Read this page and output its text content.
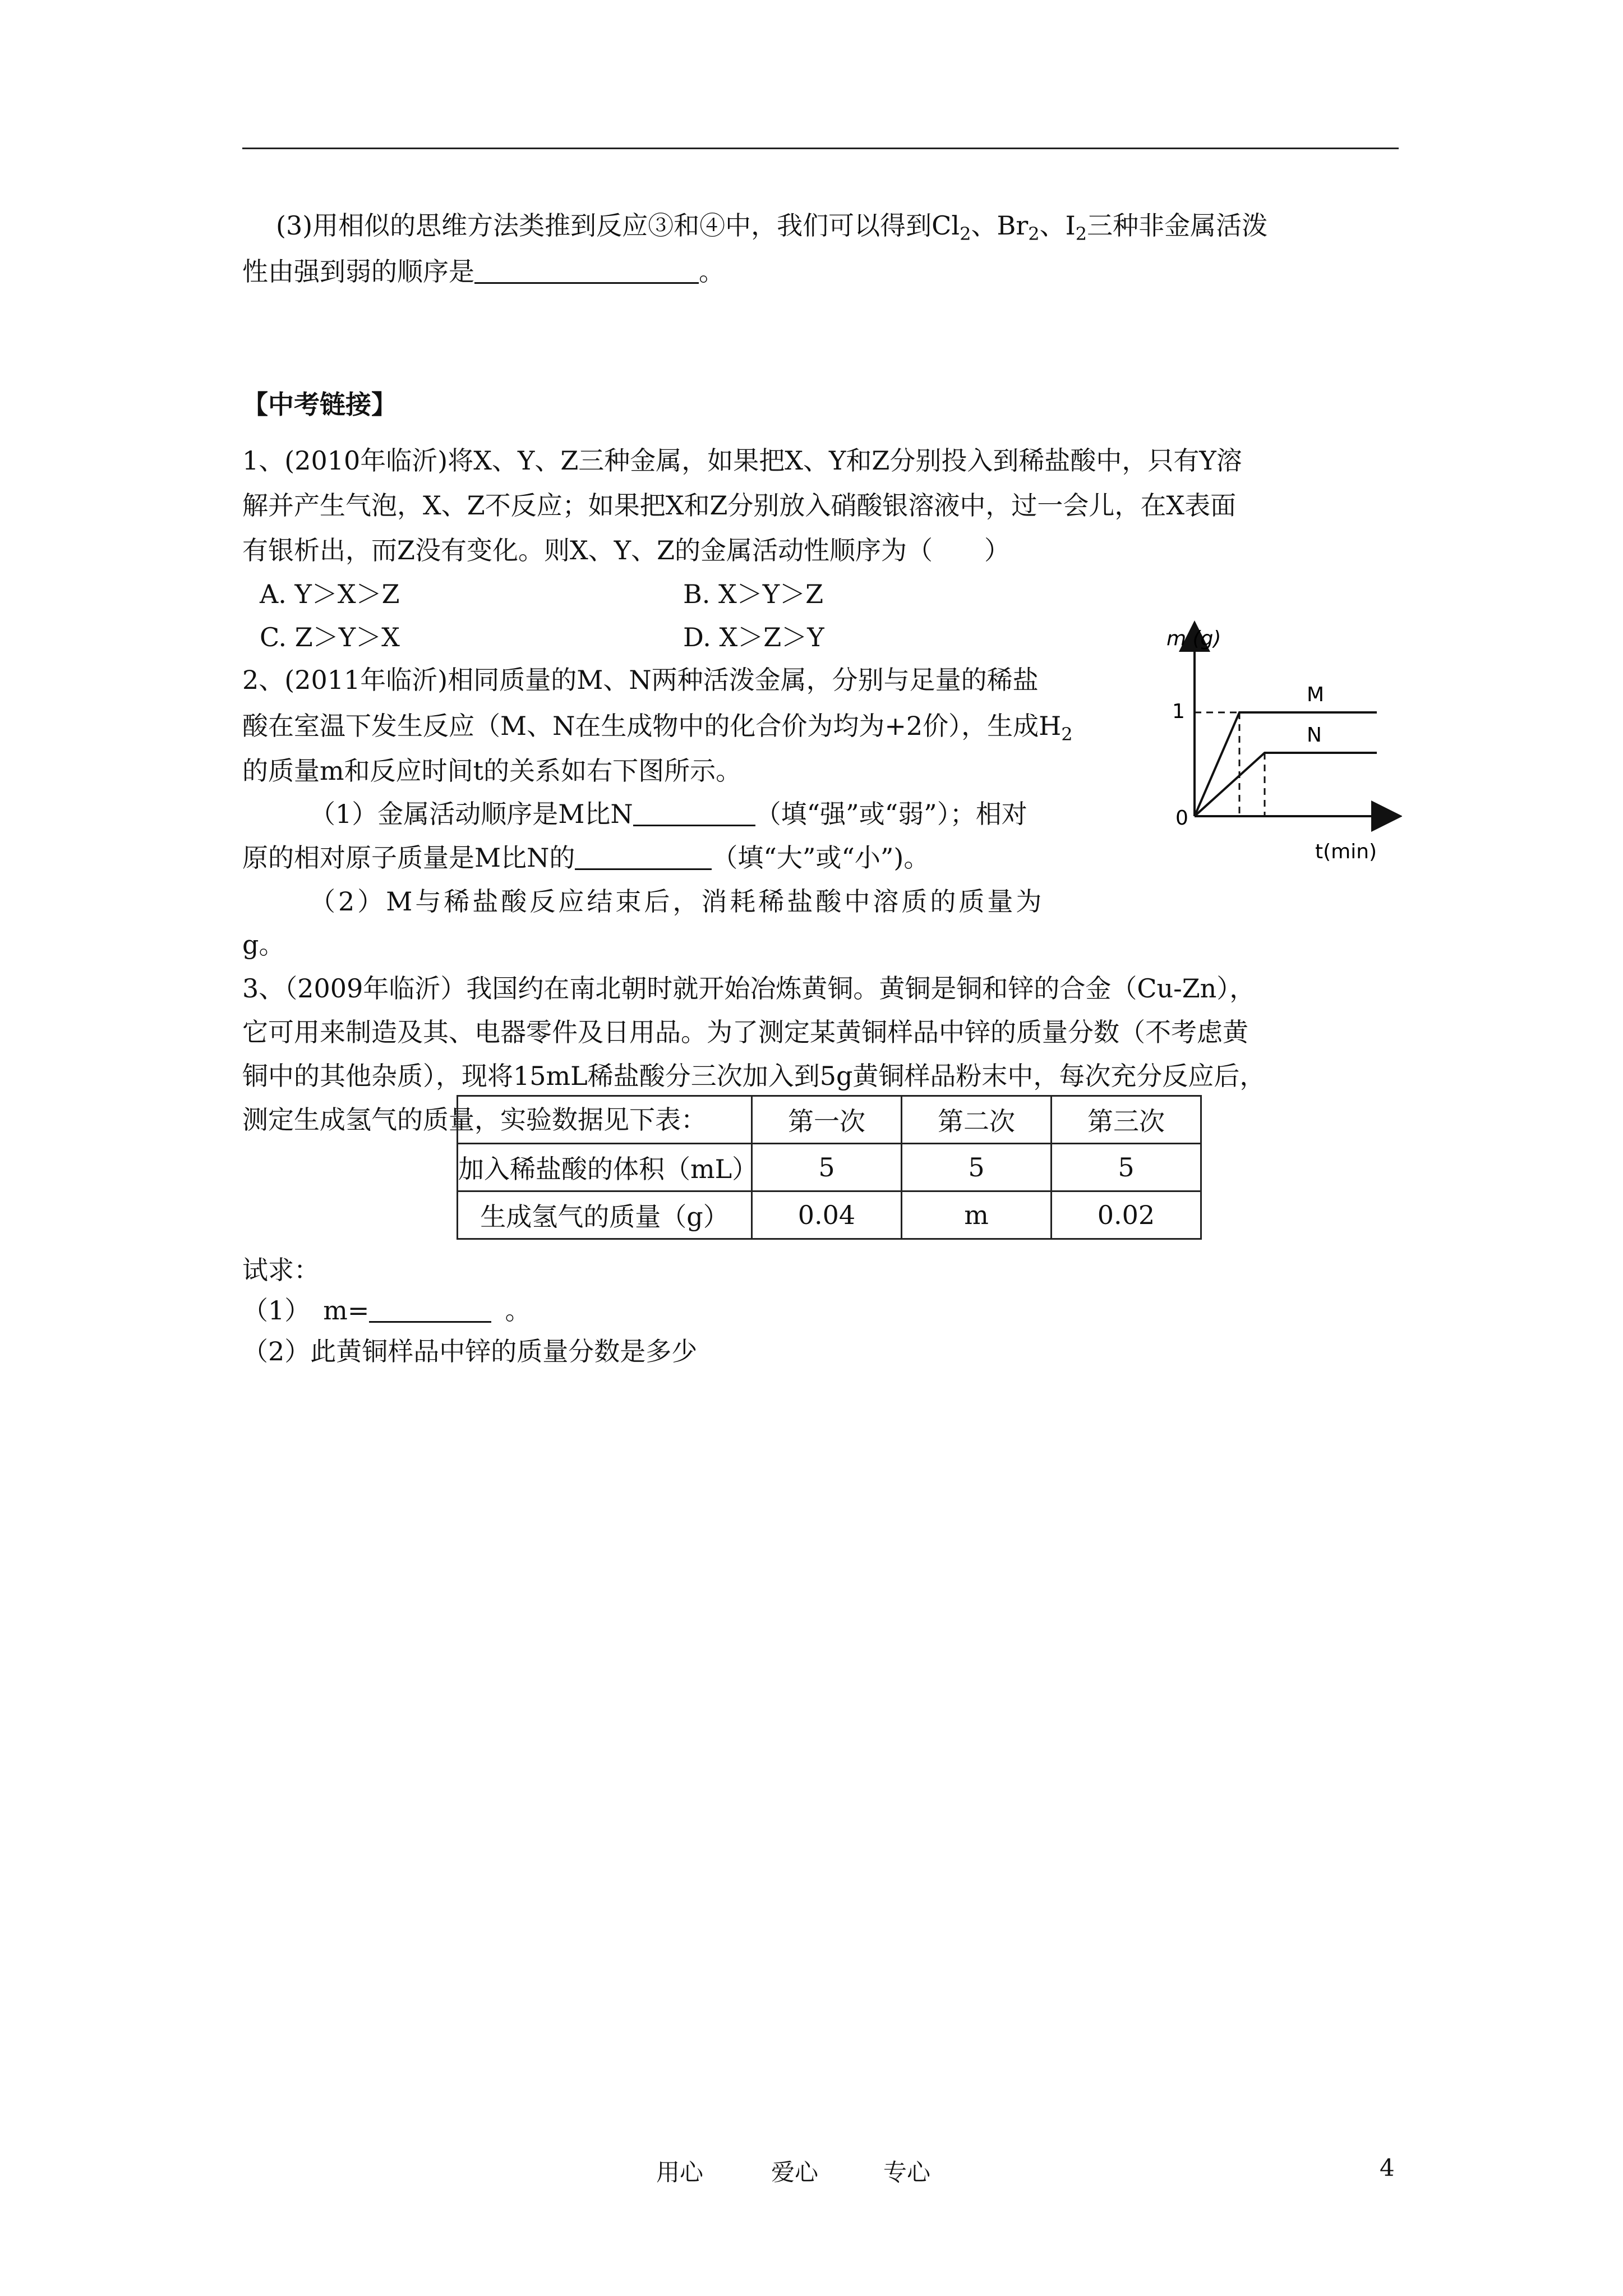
(3)用相似的思维方法类推到反应③和④中，我们可以得到$Cl_2$、$Br_2$、$I_2$三种非金属活泼
性由强到弱的顺序是	。
【中考链接】
1、(2010年临沂)将X、Y、Z三种金属，如果把X、Y和Z分别投入到稀盐酸中，只有Y溶
解并产生气泡，X、Z不反应；如果把X和Z分别放入硝酸银溶液中，过一会儿，在X表面
有银析出，而Z没有变化。则X、Y、Z的金属活动性顺序为（　　）
A. Y＞X＞Z	B. X＞Y＞Z
C. Z＞Y＞X	D. X＞Z＞Y
2、(2011年临沂)相同质量的M、N两种活泼金属，分别与足量的稀盐
酸在室温下发生反应（M、N在生成物中的化合价为均为+2价），生成$H_2$
的质量m和反应时间t的关系如右下图所示。
（1）金属活动顺序是M比N	（填“强”或“弱”）；相对
原的相对原子质量是M比N的	（填“大”或“小”)。
（2）M与稀盐酸反应结束后，消耗稀盐酸中溶质的质量为
g。
m (g)
t(min)
1
0
M
N
3、（2009年临沂）我国约在南北朝时就开始冶炼黄铜。黄铜是铜和锌的合金（Cu-Zn），
它可用来制造及其、电器零件及日用品。为了测定某黄铜样品中锌的质量分数（不考虑黄
铜中的其他杂质），现将15mL稀盐酸分三次加入到5g黄铜样品粉末中，每次充分反应后，
测定生成氢气的质量，实验数据见下表：
		第一次	第二次	第三次
加入稀盐酸的体积（mL）	5	5	5
生成氢气的质量（g）	0.04	m	0.02
试求：
（1）　m=	。
（2）此黄铜样品中锌的质量分数是多少
用心	爱心	专心	4
